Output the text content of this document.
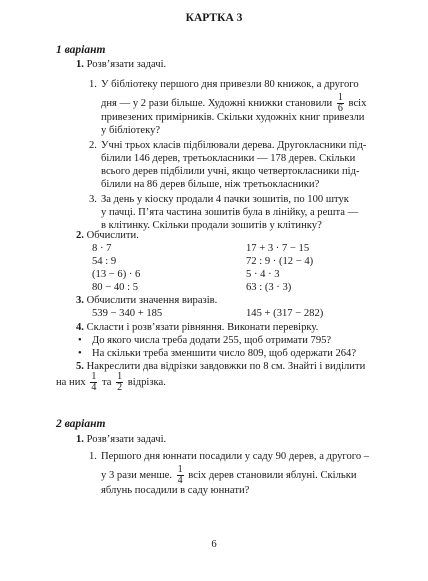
КАРТКА 3
1 варіант
1. Розв’язати задачі.
1. У бібліотеку першого дня привезли 80 книжок, а другого
дня — у 2 рази більше. Художні книжки становили $\frac{1}{6}$ всіх
привезених примірників. Скільки художніх книг привезли
у бібліотеку?
2. Учні трьох класів підбілювали дерева. Другокласники під-
білили 146 дерев, третьокласники — 178 дерев. Скільки
всього дерев підбілили учні, якщо четвертокласники під-
білили на 86 дерев більше, ніж третьокласники?
3. За день у кіоску продали 4 пачки зошитів, по 100 штук
у пачці. П’ята частина зошитів була в лінійку, а решта —
в клітинку. Скільки продали зошитів у клітинку?
2. Обчислити.
8 · 7
54 : 9
(13 − 6) · 6
80 − 40 : 5
17 + 3 · 7 − 15
72 : 9 · (12 − 4)
5 · 4 · 3
63 : (3 · 3)
3. Обчислити значення виразів.
539 − 340 + 185	145 + (317 − 282)
4. Скласти і розв’язати рівняння. Виконати перевірку.
• До якого числа треба додати 255, щоб отримати 795?
• На скільки треба зменшити число 809, щоб одержати 264?
5. Накреслити два відрізки завдовжки по 8 см. Знайті і виділити
на них $\frac{1}{4}$ та $\frac{1}{2}$ відрізка.
2 варіант
1. Розв’язати задачі.
1. Першого дня юннати посадили у саду 90 дерев, а другого –
у 3 рази менше. $\frac{1}{4}$ всіх дерев становили яблуні. Скільки
яблунь посадили в саду юннати?
6
